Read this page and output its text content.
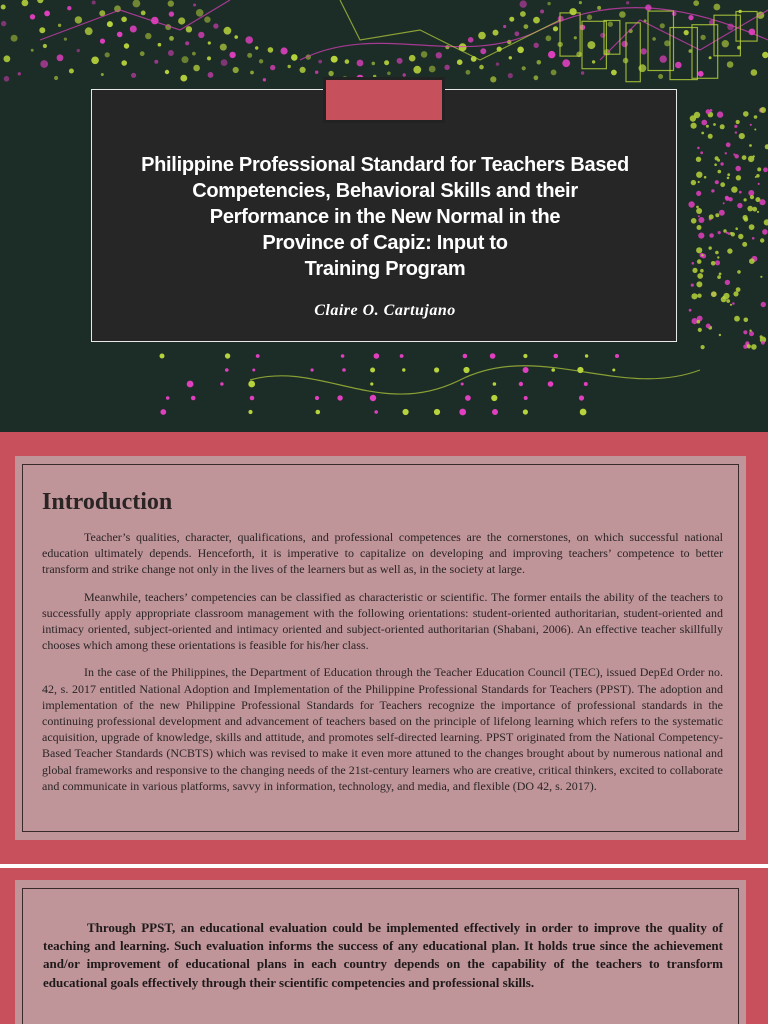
Philippine Professional Standard for Teachers Based
Competencies, Behavioral Skills and their
Performance in the New Normal in the
Province of Capiz: Input to
Training Program
Claire O. Cartujano
Introduction

Teacher’s qualities, character, qualifications, and professional competences are the cornerstones, on which successful national education ultimately depends. Henceforth, it is imperative to capitalize on developing and improving teachers’ competence to better transform and strike change not only in the lives of the learners but as well as, in the society at large.

Meanwhile, teachers’ competencies can be classified as characteristic or scientific. The former entails the ability of the teachers to successfully apply appropriate classroom management with the following orientations: student-oriented authoritarian, student-oriented and intimacy oriented, subject-oriented and intimacy oriented and subject-oriented authoritarian (Shabani, 2006). An effective teacher skillfully chooses which among these orientations is feasible for his/her class.

In the case of the Philippines, the Department of Education through the Teacher Education Council (TEC), issued DepEd Order no. 42, s. 2017 entitled National Adoption and Implementation of the Philippine Professional Standards for Teachers (PPST). The adoption and implementation of the new Philippine Professional Standards for Teachers recognize the importance of professional standards in the continuing professional development and advancement of teachers based on the principle of lifelong learning which refers to the systematic acquisition, upgrade of knowledge, skills and attitude, and promotes self-directed learning. PPST originated from the National Competency-Based Teacher Standards (NCBTS) which was revised to make it even more attuned to the changes brought about by numerous national and global frameworks and responsive to the changing needs of the 21st-century learners who are creative, critical thinkers, excited to collaborate and communicate in various platforms, savvy in information, technology, and media, and flexible (DO 42, s. 2017).

Through PPST, an educational evaluation could be implemented effectively in order to improve the quality of teaching and learning. Such evaluation informs the success of any educational plan. It holds true since the achievement and/or improvement of educational plans in each country depends on the capability of the teachers to transform educational goals effectively through their scientific competencies and professional skills.
